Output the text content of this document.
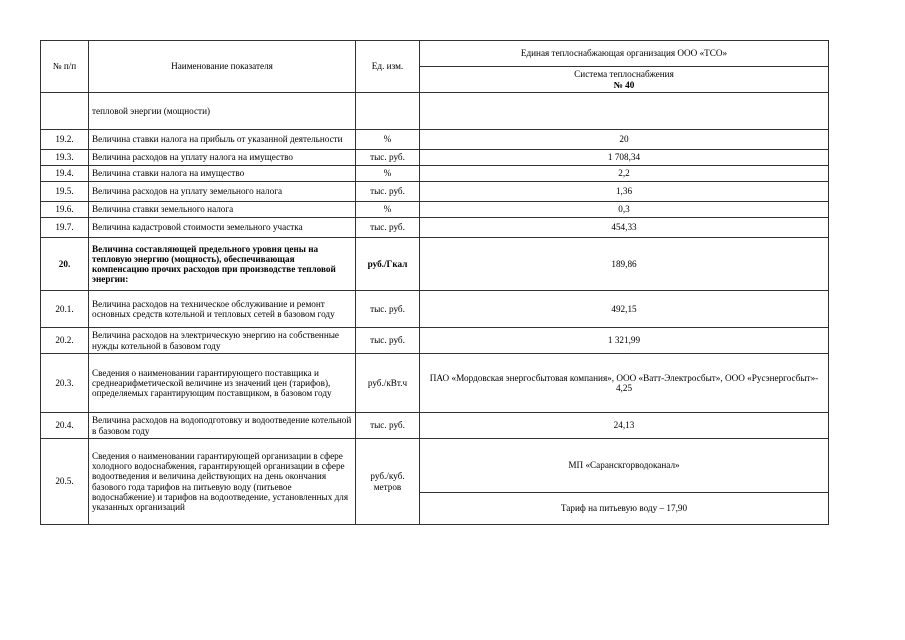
№ п/п	Наименование показателя	Ед. изм.	Единая теплоснабжающая организация ООО «ТСО»

			Система теплоснабжения
№ 40

	тепловой энергии (мощности)		
19.2.	Величина ставки налога на прибыль от указанной деятельности	%	20
19.3.	Величина расходов на уплату налога на имущество	тыс. руб.	1 708,34
19.4.	Величина ставки налога на имущество	%	2,2
19.5.	Величина расходов на уплату земельного налога	тыс. руб.	1,36
19.6.	Величина ставки земельного налога	%	0,3
19.7.	Величина кадастровой стоимости земельного участка	тыс. руб.	454,33
20.	Величина составляющей предельного уровня цены на тепловую энергию (мощность), обеспечивающая компенсацию прочих расходов при производстве тепловой энергии:	руб./Гкал	189,86
20.1.	Величина расходов на техническое обслуживание и ремонт основных средств котельной и тепловых сетей в базовом году	тыс. руб.	492,15
20.2.	Величина расходов на электрическую энергию на собственные нужды котельной в базовом году	тыс. руб.	1 321,99
20.3.	Сведения о наименовании гарантирующего поставщика и среднеарифметической величине из значений цен (тарифов), определяемых гарантирующим поставщиком, в базовом году	руб./кВт.ч	ПАО «Мордовская энергосбытовая компания», ООО «Ватт-Электросбыт», ООО «Русэнергосбыт»- 4,25
20.4.	Величина расходов на водоподготовку и водоотведение котельной в базовом году	тыс. руб.	24,13
20.5.	Сведения о наименовании гарантирующей организации в сфере холодного водоснабжения, гарантирующей организации в сфере водоотведения и величина действующих на день окончания базового года тарифов на питьевую воду (питьевое водоснабжение) и тарифов на водоотведение, установленных для указанных организаций	руб./куб. метров	МП «Саранскгорводоканал»
			Тариф на питьевую воду – 17,90
